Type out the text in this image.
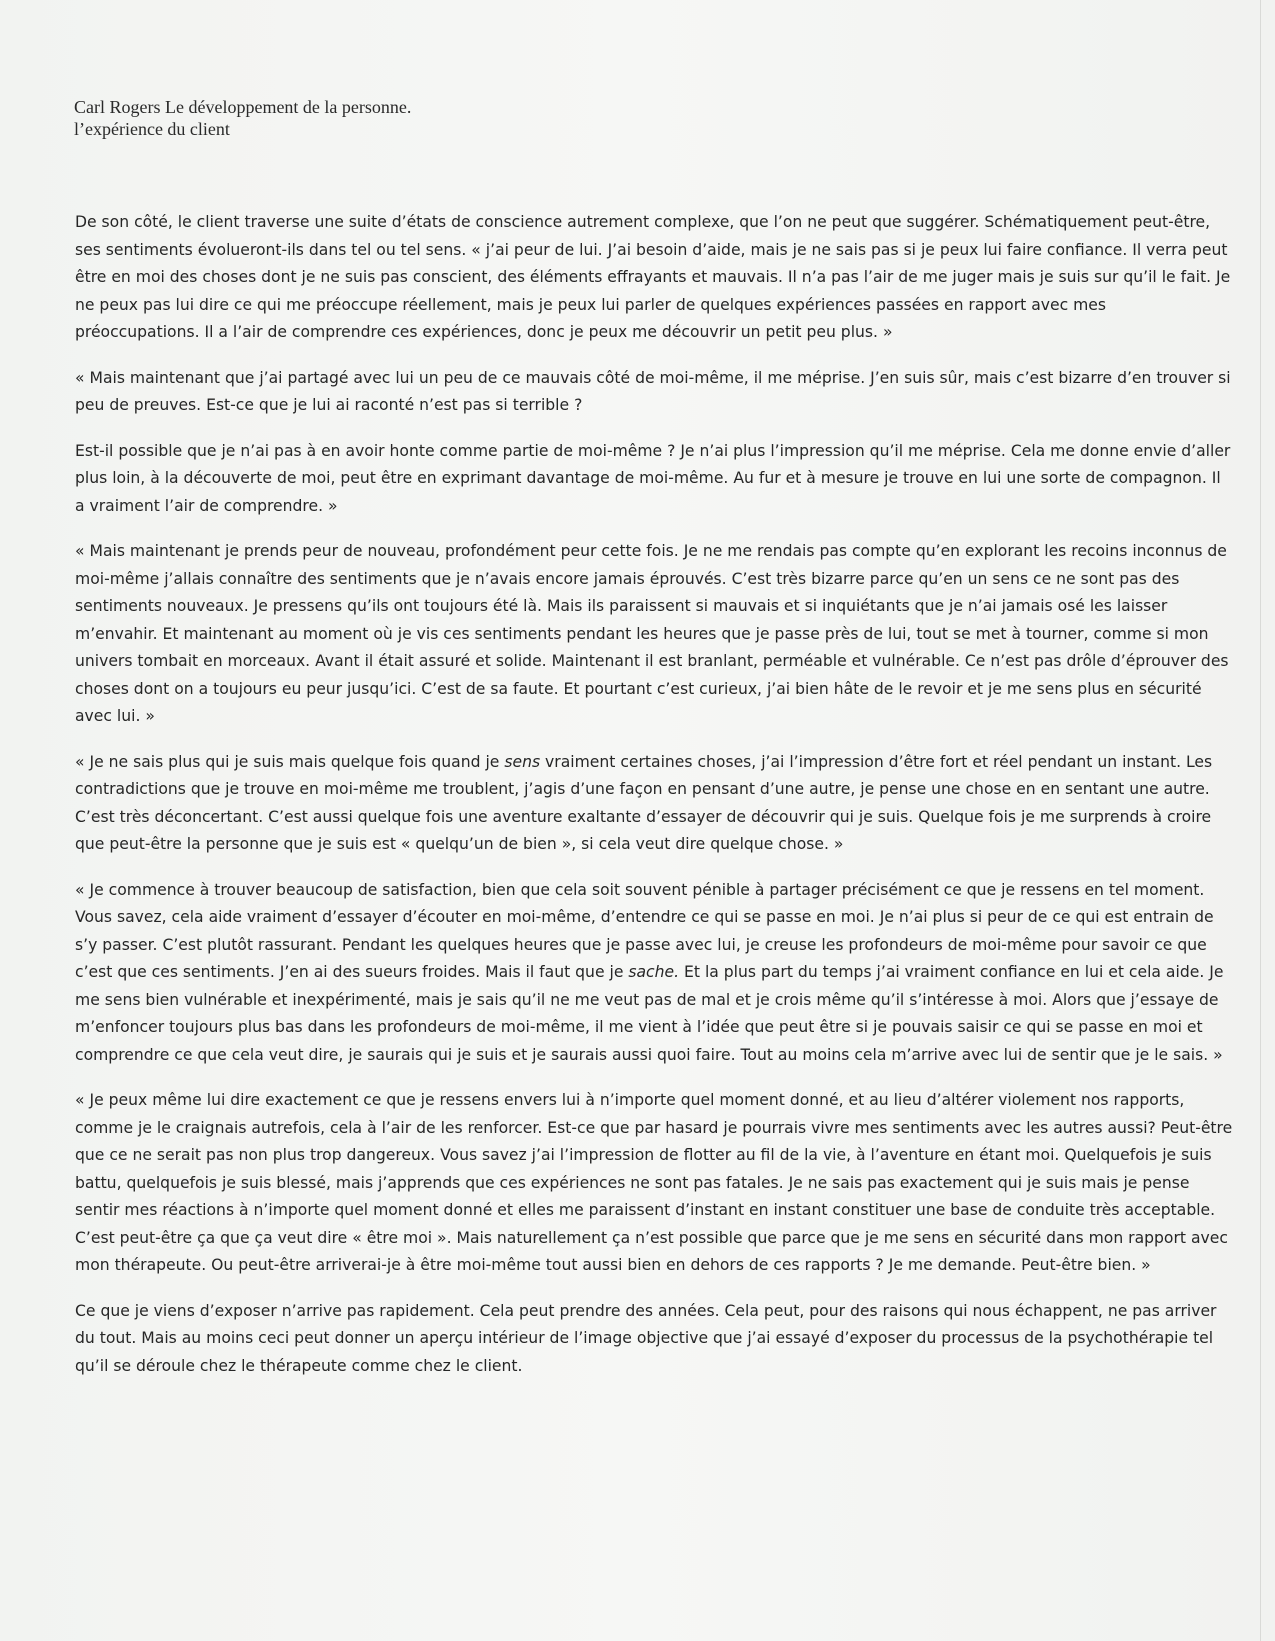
Carl Rogers Le développement de la personne.
l’expérience du client

De son côté, le client traverse une suite d’états de conscience autrement complexe, que l’on ne peut que suggérer. Schématiquement peut-être, ses sentiments évolueront-ils dans tel ou tel sens. « j’ai peur de lui. J’ai besoin d’aide, mais je ne sais pas si je peux lui faire confiance. Il verra peut être en moi des choses dont je ne suis pas conscient, des éléments effrayants et mauvais. Il n’a pas l’air de me juger mais je suis sur qu’il le fait. Je ne peux pas lui dire ce qui me préoccupe réellement, mais je peux lui parler de quelques expériences passées en rapport avec mes préoccupations. Il a l’air de comprendre ces expériences, donc je peux me découvrir un petit peu plus. »

« Mais maintenant que j’ai partagé avec lui un peu de ce mauvais côté de moi-même, il me méprise. J’en suis sûr, mais c’est bizarre d’en trouver si peu de preuves. Est-ce que je lui ai raconté n’est pas si terrible ?

Est-il possible que je n’ai pas à en avoir honte comme partie de moi-même ? Je n’ai plus l’impression qu’il me méprise. Cela me donne envie d’aller plus loin, à la découverte de moi, peut être en exprimant davantage de moi-même. Au fur et à mesure je trouve en lui une sorte de compagnon. Il a vraiment l’air de comprendre. »

« Mais maintenant je prends peur de nouveau, profondément peur cette fois. Je ne me rendais pas compte qu’en explorant les recoins inconnus de moi-même j’allais connaître des sentiments que je n’avais encore jamais éprouvés. C’est très bizarre parce qu’en un sens ce ne sont pas des sentiments nouveaux. Je pressens qu’ils ont toujours été là. Mais ils paraissent si mauvais et si inquiétants que je n’ai jamais osé les laisser m’envahir. Et maintenant au moment où je vis ces sentiments pendant les heures que je passe près de lui, tout se met à tourner, comme si mon univers tombait en morceaux. Avant il était assuré et solide. Maintenant il est branlant, perméable et vulnérable. Ce n’est pas drôle d’éprouver des choses dont on a toujours eu peur jusqu’ici. C’est de sa faute. Et pourtant c’est curieux, j’ai bien hâte de le revoir et je me sens plus en sécurité avec lui. »

« Je ne sais plus qui je suis mais quelque fois quand je sens vraiment certaines choses, j’ai l’impression d’être fort et réel pendant un instant. Les contradictions que je trouve en moi-même me troublent, j’agis d’une façon en pensant d’une autre, je pense une chose en en sentant une autre. C’est très déconcertant. C’est aussi quelque fois une aventure exaltante d’essayer de découvrir qui je suis. Quelque fois je me surprends à croire que peut-être la personne que je suis est « quelqu’un de bien », si cela veut dire quelque chose. »

« Je commence à trouver beaucoup de satisfaction, bien que cela soit souvent pénible à partager précisément ce que je ressens en tel moment. Vous savez, cela aide vraiment d’essayer d’écouter en moi-même, d’entendre ce qui se passe en moi. Je n’ai plus si peur de ce qui est entrain de s’y passer. C’est plutôt rassurant. Pendant les quelques heures que je passe avec lui, je creuse les profondeurs de moi-même pour savoir ce que c’est que ces sentiments. J’en ai des sueurs froides. Mais il faut que je sache. Et la plus part du temps j’ai vraiment confiance en lui et cela aide. Je me sens bien vulnérable et inexpérimenté, mais je sais qu’il ne me veut pas de mal et je crois même qu’il s’intéresse à moi. Alors que j’essaye de m’enfoncer toujours plus bas dans les profondeurs de moi-même, il me vient à l’idée que peut être si je pouvais saisir ce qui se passe en moi et comprendre ce que cela veut dire, je saurais qui je suis et je saurais aussi quoi faire. Tout au moins cela m’arrive avec lui de sentir que je le sais. »

« Je peux même lui dire exactement ce que je ressens envers lui à n’importe quel moment donné, et au lieu d’altérer violement nos rapports, comme je le craignais autrefois, cela à l’air de les renforcer. Est-ce que par hasard je pourrais vivre mes sentiments avec les autres aussi? Peut-être que ce ne serait pas non plus trop dangereux. Vous savez j’ai l’impression de flotter au fil de la vie, à l’aventure en étant moi. Quelquefois je suis battu, quelquefois je suis blessé, mais j’apprends que ces expériences ne sont pas fatales. Je ne sais pas exactement qui je suis mais je pense sentir mes réactions à n’importe quel moment donné et elles me paraissent d’instant en instant constituer une base de conduite très acceptable. C’est peut-être ça que ça veut dire « être moi ». Mais naturellement ça n’est possible que parce que je me sens en sécurité dans mon rapport avec mon thérapeute. Ou peut-être arriverai-je à être moi-même tout aussi bien en dehors de ces rapports ? Je me demande. Peut-être bien. »

Ce que je viens d’exposer n’arrive pas rapidement. Cela peut prendre des années. Cela peut, pour des raisons qui nous échappent, ne pas arriver du tout. Mais au moins ceci peut donner un aperçu intérieur de l’image objective que j’ai essayé d’exposer du processus de la psychothérapie tel qu’il se déroule chez le thérapeute comme chez le client.
